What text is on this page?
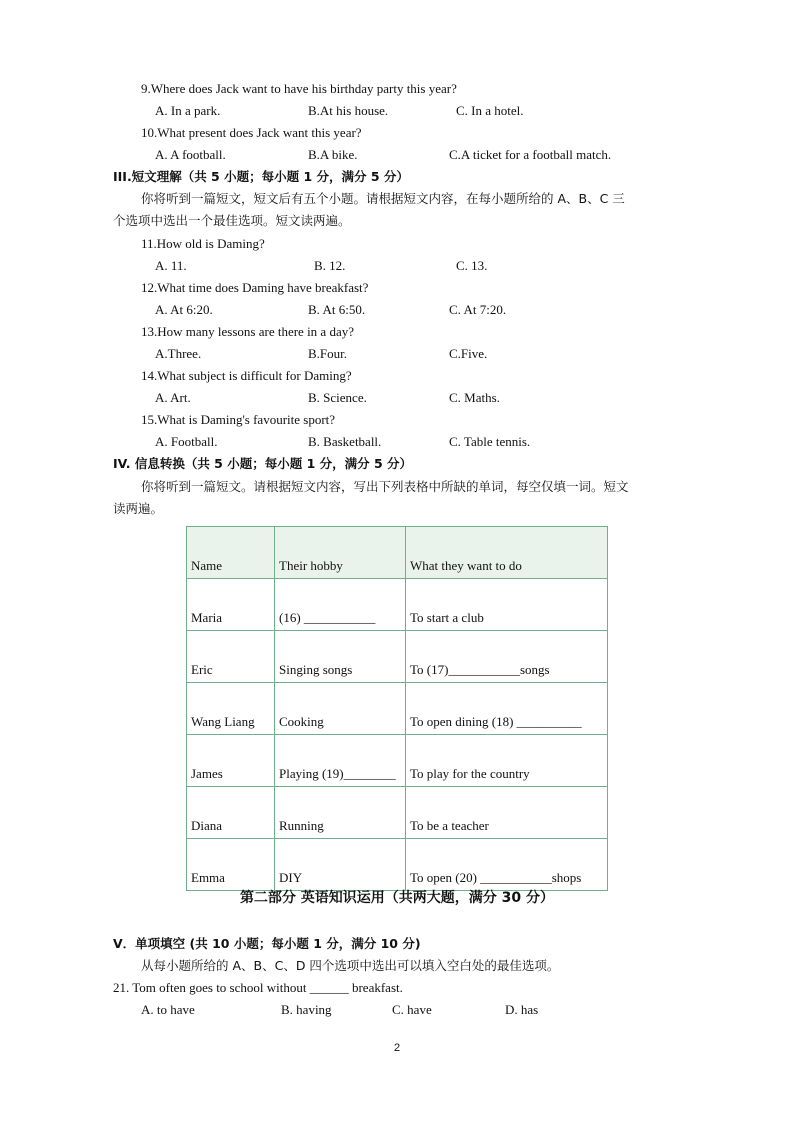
9.Where does Jack want to have his birthday party this year?
A. In a park.	B.At his house.	C. In a hotel.
10.What present does Jack want this year?
A. A football.	B.A bike.	C.A ticket for a football match.
III.短文理解（共 5 小题；每小题 1 分，满分 5 分）
你将听到一篇短文，短文后有五个小题。请根据短文内容，在每小题所给的 A、B、C 三
个选项中选出一个最佳选项。短文读两遍。
11.How old is Daming?
A. 11.	B. 12.	C. 13.
12.What time does Daming have breakfast?
A. At 6:20.	B. At 6:50.	C. At 7:20.
13.How many lessons are there in a day?
A.Three.	B.Four.	C.Five.
14.What subject is difficult for Daming?
A. Art.	B. Science.	C. Maths.
15.What is Daming's favourite sport?
A. Football.	B. Basketball.	C. Table tennis.
IV. 信息转换（共 5 小题；每小题 1 分，满分 5 分）
你将听到一篇短文。请根据短文内容，写出下列表格中所缺的单词，每空仅填一词。短文
读两遍。
Name	Their hobby	What they want to do
Maria	(16) ___________	To start a club
Eric	Singing songs	To (17)___________songs
Wang Liang	Cooking	To open dining (18) __________
James	Playing (19)________	To play for the country
Diana	Running	To be a teacher
Emma	DIY	To open (20) ___________shops
第二部分 英语知识运用（共两大题，满分 30 分）
V．单项填空 (共 10 小题；每小题 1 分，满分 10 分)
从每小题所给的 A、B、C、D 四个选项中选出可以填入空白处的最佳选项。
21. Tom often goes to school without ______ breakfast.
A. to have	B. having	C. have	D. has
2
